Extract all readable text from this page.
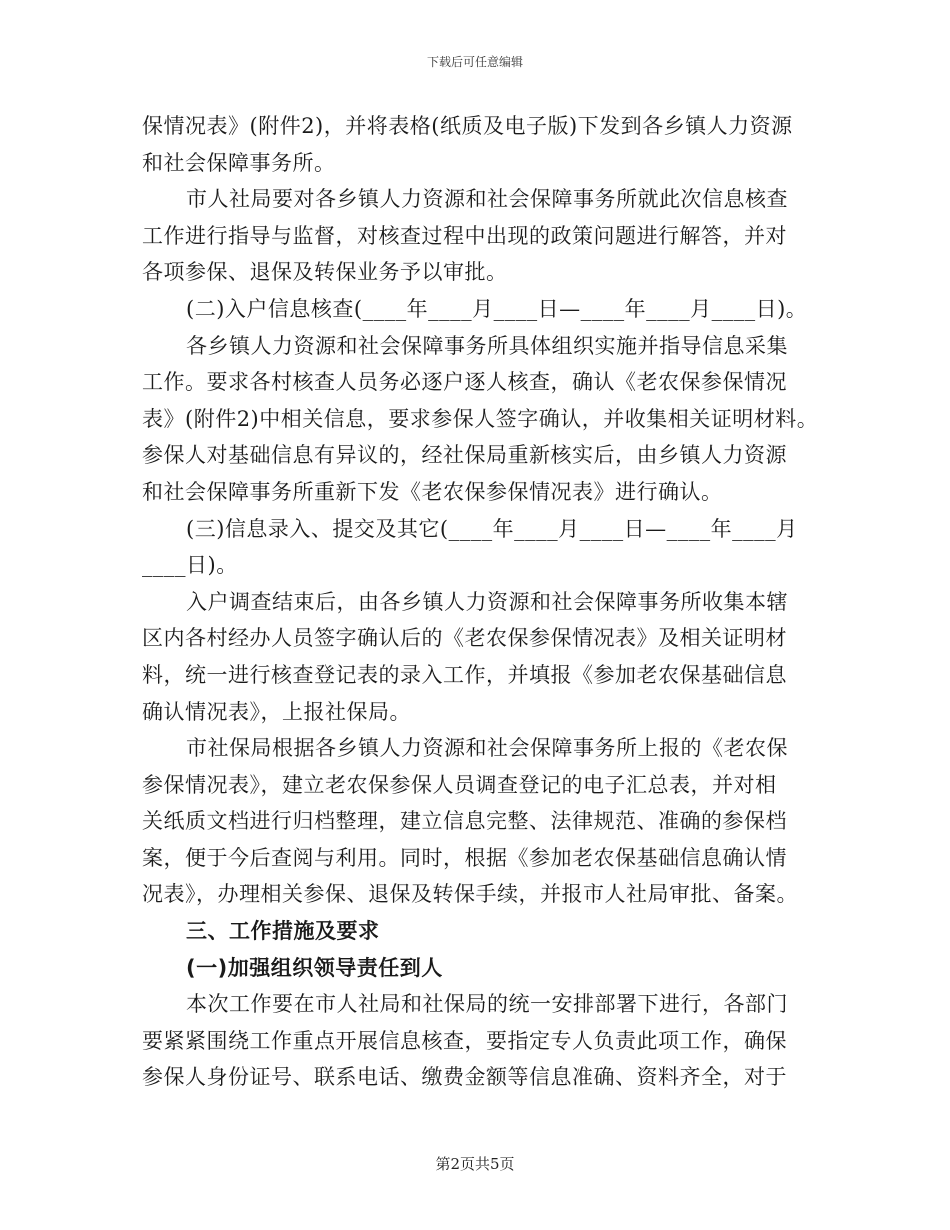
下载后可任意编辑
保情况表》(附件2)，并将表格(纸质及电子版)下发到各乡镇人力资源
和社会保障事务所。
市人社局要对各乡镇人力资源和社会保障事务所就此次信息核查
工作进行指导与监督，对核查过程中出现的政策问题进行解答，并对
各项参保、退保及转保业务予以审批。
(二)入户信息核查(____年____月____日—____年____月____日)。
各乡镇人力资源和社会保障事务所具体组织实施并指导信息采集
工作。要求各村核查人员务必逐户逐人核查，确认《老农保参保情况
表》(附件2)中相关信息，要求参保人签字确认，并收集相关证明材料。
参保人对基础信息有异议的，经社保局重新核实后，由乡镇人力资源
和社会保障事务所重新下发《老农保参保情况表》进行确认。
(三)信息录入、提交及其它(____年____月____日—____年____月
____日)。
入户调查结束后，由各乡镇人力资源和社会保障事务所收集本辖
区内各村经办人员签字确认后的《老农保参保情况表》及相关证明材
料，统一进行核查登记表的录入工作，并填报《参加老农保基础信息
确认情况表》，上报社保局。
市社保局根据各乡镇人力资源和社会保障事务所上报的《老农保
参保情况表》，建立老农保参保人员调查登记的电子汇总表，并对相
关纸质文档进行归档整理，建立信息完整、法律规范、准确的参保档
案，便于今后查阅与利用。同时，根据《参加老农保基础信息确认情
况表》，办理相关参保、退保及转保手续，并报市人社局审批、备案。
三、工作措施及要求
(一)加强组织领导责任到人
本次工作要在市人社局和社保局的统一安排部署下进行，各部门
要紧紧围绕工作重点开展信息核查，要指定专人负责此项工作，确保
参保人身份证号、联系电话、缴费金额等信息准确、资料齐全，对于
第2页共5页
